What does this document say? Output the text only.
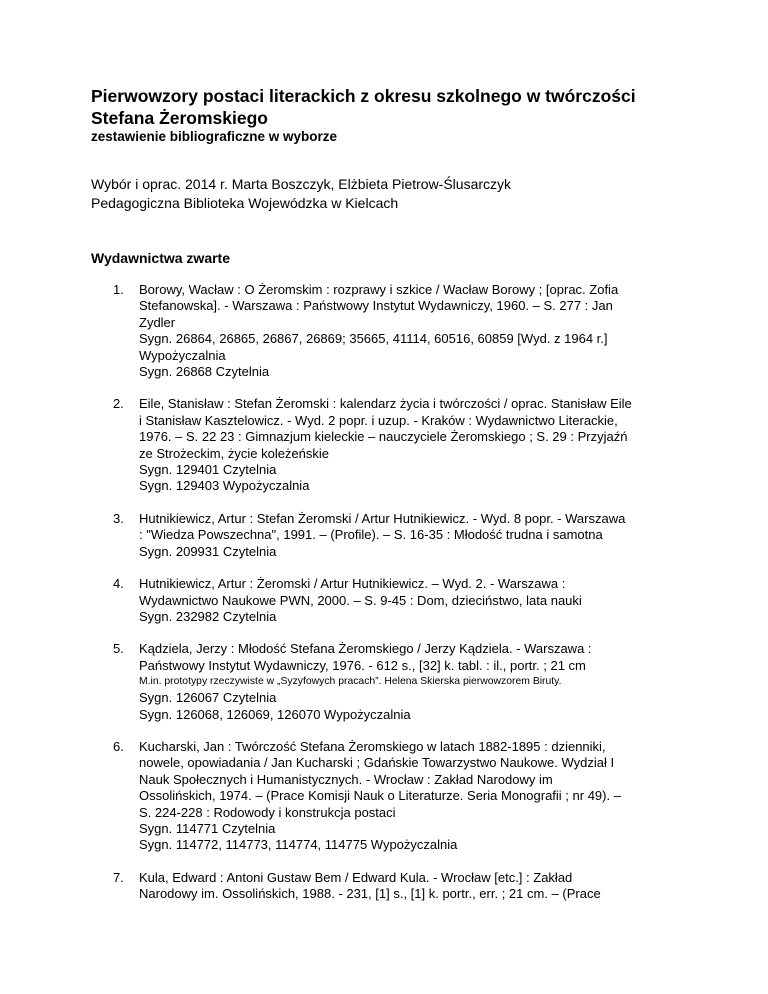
Pierwowzory postaci literackich z okresu szkolnego w twórczości
Stefana Żeromskiego
zestawienie bibliograficzne w wyborze
Wybór i oprac. 2014 r. Marta Boszczyk, Elżbieta Pietrow-Ślusarczyk
Pedagogiczna Biblioteka Wojewódzka w Kielcach
Wydawnictwa zwarte
1. Borowy, Wacław : O Żeromskim : rozprawy i szkice / Wacław Borowy ; [oprac. Zofia
Stefanowska]. - Warszawa : Państwowy Instytut Wydawniczy, 1960. – S. 277 : Jan
Zydler
Sygn. 26864, 26865, 26867, 26869; 35665, 41114, 60516, 60859 [Wyd. z 1964 r.]
Wypożyczalnia
Sygn. 26868 Czytelnia
2. Eile, Stanisław : Stefan Żeromski : kalendarz życia i twórczości / oprac. Stanisław Eile
i Stanisław Kasztelowicz. - Wyd. 2 popr. i uzup. - Kraków : Wydawnictwo Literackie,
1976. – S. 22 23 : Gimnazjum kieleckie – nauczyciele Żeromskiego ; S. 29 : Przyjaźń
ze Strożeckim, życie koleżeńskie
Sygn. 129401 Czytelnia
Sygn. 129403 Wypożyczalnia
3. Hutnikiewicz, Artur : Stefan Żeromski / Artur Hutnikiewicz. - Wyd. 8 popr. - Warszawa
: "Wiedza Powszechna", 1991. – (Profile). – S. 16-35 : Młodość trudna i samotna
Sygn. 209931 Czytelnia
4. Hutnikiewicz, Artur : Żeromski / Artur Hutnikiewicz. – Wyd. 2. - Warszawa :
Wydawnictwo Naukowe PWN, 2000. – S. 9-45 : Dom, dzieciństwo, lata nauki
Sygn. 232982 Czytelnia
5. Kądziela, Jerzy : Młodość Stefana Żeromskiego / Jerzy Kądziela. - Warszawa :
Państwowy Instytut Wydawniczy, 1976. - 612 s., [32] k. tabl. : il., portr. ; 21 cm
M.in. prototypy rzeczywiste w „Syzyfowych pracach”. Helena Skierska pierwowzorem Biruty.
Sygn. 126067 Czytelnia
Sygn. 126068, 126069, 126070 Wypożyczalnia
6. Kucharski, Jan : Twórczość Stefana Żeromskiego w latach 1882-1895 : dzienniki,
nowele, opowiadania / Jan Kucharski ; Gdańskie Towarzystwo Naukowe. Wydział I
Nauk Społecznych i Humanistycznych. - Wrocław : Zakład Narodowy im
Ossolińskich, 1974. – (Prace Komisji Nauk o Literaturze. Seria Monografii ; nr 49). –
S. 224-228 : Rodowody i konstrukcja postaci
Sygn. 114771 Czytelnia
Sygn. 114772, 114773, 114774, 114775 Wypożyczalnia
7. Kula, Edward : Antoni Gustaw Bem / Edward Kula. - Wrocław [etc.] : Zakład
Narodowy im. Ossolińskich, 1988. - 231, [1] s., [1] k. portr., err. ; 21 cm. – (Prace
